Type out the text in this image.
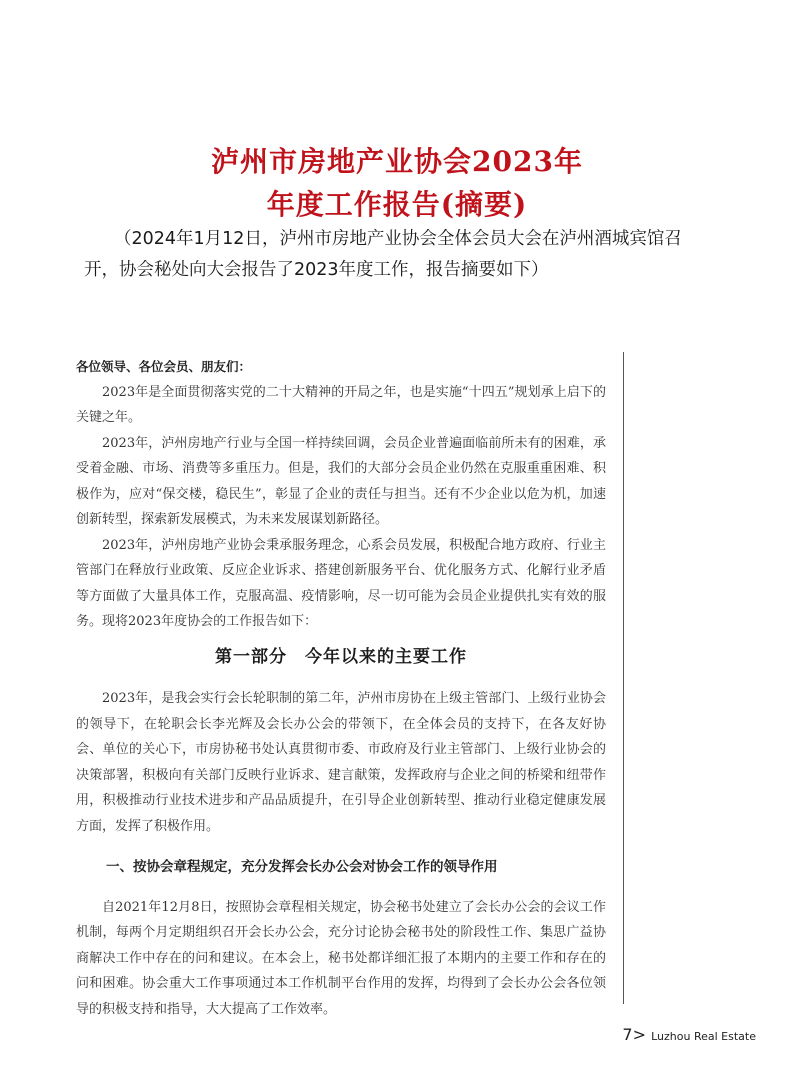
泸州市房地产业协会2023年
年度工作报告(摘要)
（2024年1月12日，泸州市房地产业协会全体会员大会在泸州酒城宾馆召
开，协会秘处向大会报告了2023年度工作，报告摘要如下）
各位领导、各位会员、朋友们：

2023年是全面贯彻落实党的二十大精神的开局之年，也是实施“十四五”规划承上启下的关键之年。

2023年，泸州房地产行业与全国一样持续回调，会员企业普遍面临前所未有的困难，承受着金融、市场、消费等多重压力。但是，我们的大部分会员企业仍然在克服重重困难、积极作为，应对“保交楼，稳民生”，彰显了企业的责任与担当。还有不少企业以危为机，加速创新转型，探索新发展模式，为未来发展谋划新路径。

2023年，泸州房地产业协会秉承服务理念，心系会员发展，积极配合地方政府、行业主管部门在释放行业政策、反应企业诉求、搭建创新服务平台、优化服务方式、化解行业矛盾等方面做了大量具体工作，克服高温、疫情影响，尽一切可能为会员企业提供扎实有效的服务。现将2023年度协会的工作报告如下：

第一部分　今年以来的主要工作

2023年，是我会实行会长轮职制的第二年，泸州市房协在上级主管部门、上级行业协会的领导下，在轮职会长李光辉及会长办公会的带领下，在全体会员的支持下，在各友好协会、单位的关心下，市房协秘书处认真贯彻市委、市政府及行业主管部门、上级行业协会的决策部署，积极向有关部门反映行业诉求、建言献策，发挥政府与企业之间的桥梁和纽带作用，积极推动行业技术进步和产品品质提升，在引导企业创新转型、推动行业稳定健康发展方面，发挥了积极作用。

一、按协会章程规定，充分发挥会长办公会对协会工作的领导作用

自2021年12月8日，按照协会章程相关规定，协会秘书处建立了会长办公会的会议工作机制，每两个月定期组织召开会长办公会，充分讨论协会秘书处的阶段性工作、集思广益协商解决工作中存在的问和建议。在本会上，秘书处都详细汇报了本期内的主要工作和存在的问和困难。协会重大工作事项通过本工作机制平台作用的发挥，均得到了会长办公会各位领导的积极支持和指导，大大提高了工作效率。

7> Luzhou Real Estate
